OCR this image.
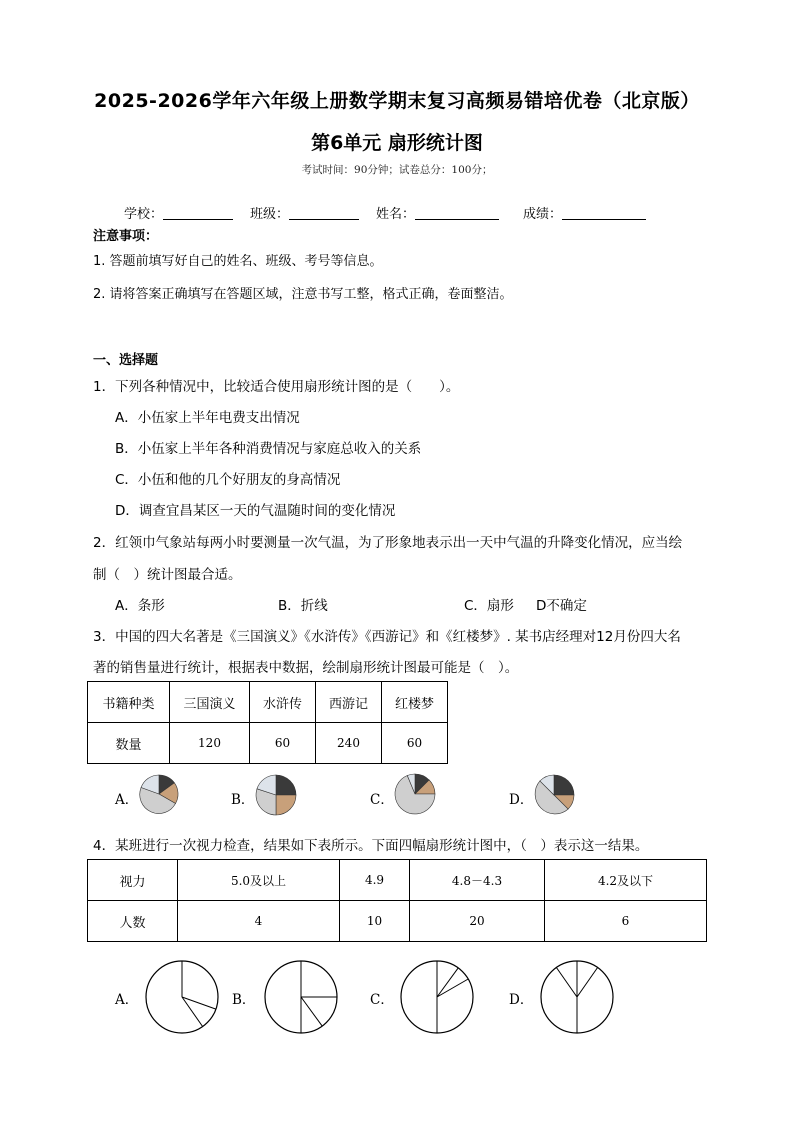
2025-2026学年六年级上册数学期末复习高频易错培优卷（北京版）
第6单元 扇形统计图
考试时间：90分钟；试卷总分：100分；
学校：	班级：	姓名：	成绩：
注意事项：
1. 答题前填写好自己的姓名、班级、考号等信息。
2. 请将答案正确填写在答题区域，注意书写工整，格式正确，卷面整洁。
一、选择题
1．下列各种情况中，比较适合使用扇形统计图的是（　　）。
A．小伍家上半年电费支出情况
B．小伍家上半年各种消费情况与家庭总收入的关系
C．小伍和他的几个好朋友的身高情况
D．调查宜昌某区一天的气温随时间的变化情况
2．红领巾气象站每两小时要测量一次气温，为了形象地表示出一天中气温的升降变化情况，应当绘
制（　）统计图最合适。
A．条形	B．折线	C．扇形 D不确定
3．中国的四大名著是《三国演义》《水浒传》《西游记》和《红楼梦》. 某书店经理对12月份四大名
著的销售量进行统计，根据表中数据，绘制扇形统计图最可能是（　）。
书籍种类	三国演义	水浒传	西游记	红楼梦
数量	120	60	240	60
A．	B．	C．	D．
4．某班进行一次视力检查，结果如下表所示。下面四幅扇形统计图中，（　）表示这一结果。
视力	5.0及以上	4.9	4.8－4.3	4.2及以下
人数	4	10	20	6
A．	B．	C．	D．
